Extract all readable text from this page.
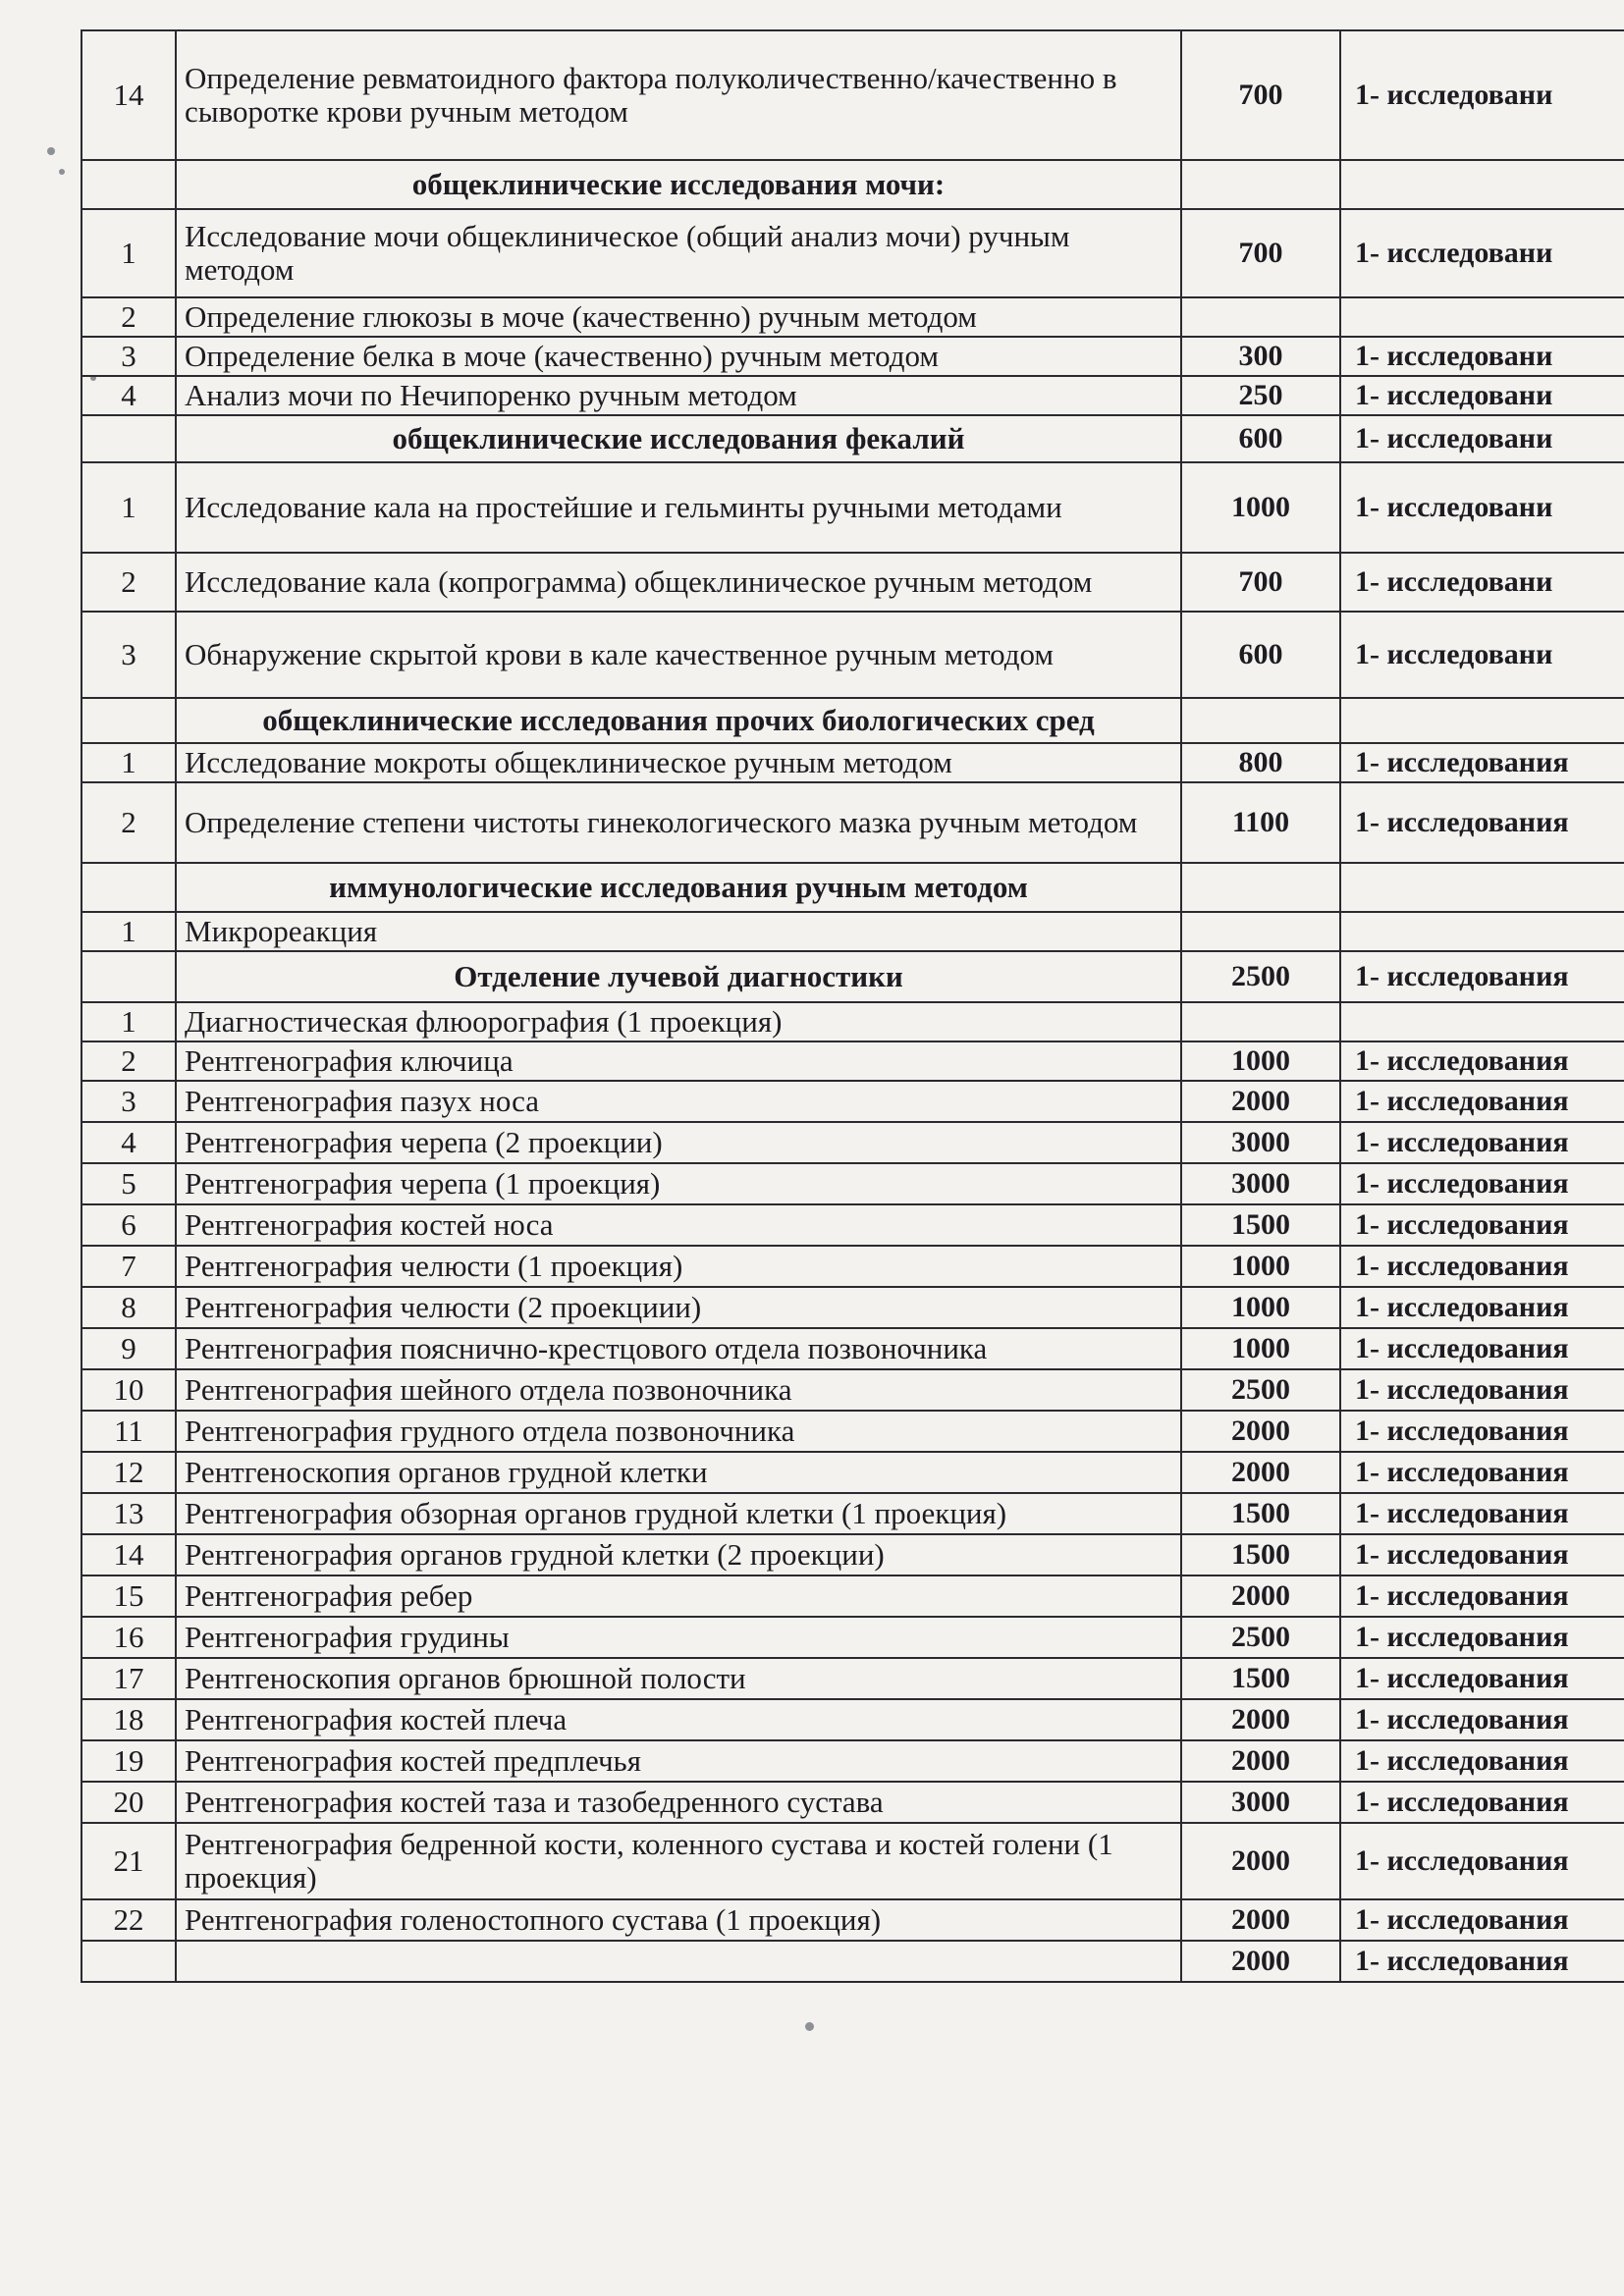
14	Определение ревматоидного фактора полуколичественно/качественно в сыворотке крови ручным методом	700	1- исследовани
	общеклинические исследования мочи:		
1	Исследование мочи общеклиническое (общий анализ мочи) ручным методом	700	1- исследовани
2	Определение глюкозы в моче (качественно) ручным методом		
3	Определение белка в моче (качественно) ручным методом	300	1- исследовани
4	Анализ мочи по Нечипоренко ручным методом	250	1- исследовани
	общеклинические исследования фекалий	600	1- исследовани
1	Исследование кала на простейшие и гельминты ручными методами	1000	1- исследовани
2	Исследование кала (копрограмма) общеклиническое ручным методом	700	1- исследовани
3	Обнаружение скрытой крови в кале качественное ручным методом	600	1- исследовани
	общеклинические исследования прочих биологических сред		
1	Исследование мокроты общеклиническое ручным методом	800	1- исследования
2	Определение степени чистоты гинекологического мазка ручным методом	1100	1- исследования
	иммунологические исследования ручным методом		
1	Микрореакция		
	Отделение лучевой диагностики	2500	1- исследования
1	Диагностическая флюорография (1 проекция)		
2	Рентгенография ключица	1000	1- исследования
3	Рентгенография пазух носа	2000	1- исследования
4	Рентгенография черепа (2 проекции)	3000	1- исследования
5	Рентгенография черепа (1 проекция)	3000	1- исследования
6	Рентгенография костей носа	1500	1- исследования
7	Рентгенография челюсти (1 проекция)	1000	1- исследования
8	Рентгенография челюсти (2 проекциии)	1000	1- исследования
9	Рентгенография пояснично-крестцового отдела позвоночника	1000	1- исследования
10	Рентгенография шейного отдела позвоночника	2500	1- исследования
11	Рентгенография грудного отдела позвоночника	2000	1- исследования
12	Рентгеноскопия органов грудной клетки	2000	1- исследования
13	Рентгенография обзорная органов грудной клетки (1 проекция)	1500	1- исследования
14	Рентгенография органов грудной клетки (2 проекции)	1500	1- исследования
15	Рентгенография ребер	2000	1- исследования
16	Рентгенография грудины	2500	1- исследования
17	Рентгеноскопия органов брюшной полости	1500	1- исследования
18	Рентгенография костей плеча	2000	1- исследования
19	Рентгенография костей предплечья	2000	1- исследования
20	Рентгенография костей таза и тазобедренного сустава	3000	1- исследования
21	Рентгенография бедренной кости, коленного сустава и костей голени (1 проекция)	2000	1- исследования
22	Рентгенография голеностопного сустава (1 проекция)	2000	1- исследования
		2000	1- исследования
